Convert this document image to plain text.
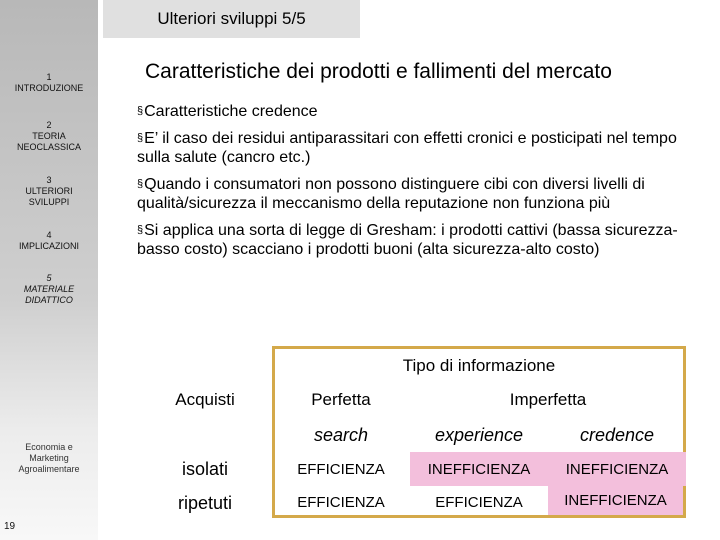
1
INTRODUZIONE
2
TEORIA NEOCLASSICA
3
ULTERIORI SVILUPPI
4
IMPLICAZIONI
5
MATERIALE DIDATTICO
Economia e Marketing Agroalimentare
19
Ulteriori sviluppi 5/5
Caratteristiche dei prodotti e fallimenti del mercato
§Caratteristiche credence
§E’ il caso dei residui antiparassitari con effetti cronici e posticipati nel tempo sulla salute (cancro etc.)
§Quando i consumatori non possono distinguere cibi con diversi livelli di qualità/sicurezza il meccanismo della reputazione non funziona più
§Si applica una sorta di legge di Gresham: i prodotti cattivi (bassa sicurezza-basso costo) scacciano i prodotti buoni (alta sicurezza-alto costo)
Tipo di informazione
Acquisti	Perfetta	Imperfetta
search	experience	credence
isolati	EFFICIENZA	INEFFICIENZA	INEFFICIENZA
ripetuti	EFFICIENZA	EFFICIENZA	INEFFICIENZA
